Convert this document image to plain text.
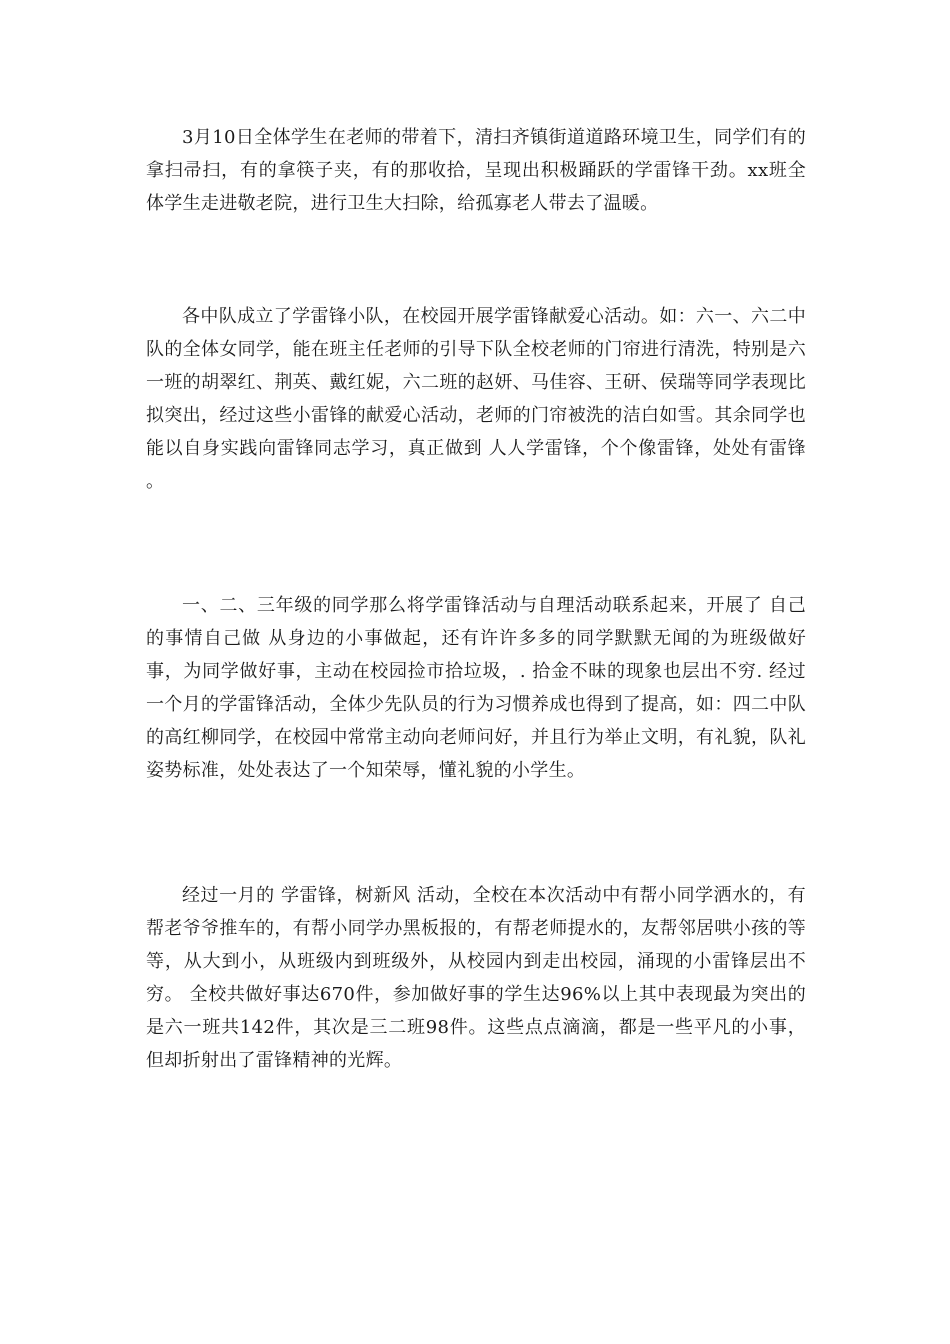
3月10日全体学生在老师的带着下，清扫齐镇街道道路环境卫生，同学们有的拿扫帚扫，有的拿筷子夹，有的那收拾，呈现出积极踊跃的学雷锋干劲。xx班全体学生走进敬老院，进行卫生大扫除，给孤寡老人带去了温暖。

各中队成立了学雷锋小队，在校园开展学雷锋献爱心活动。如：六一、六二中队的全体女同学，能在班主任老师的引导下队全校老师的门帘进行清洗，特别是六一班的胡翠红、荆英、戴红妮，六二班的赵妍、马佳容、王研、侯瑞等同学表现比拟突出，经过这些小雷锋的献爱心活动，老师的门帘被洗的洁白如雪。其余同学也能以自身实践向雷锋同志学习，真正做到 人人学雷锋，个个像雷锋，处处有雷锋 。

一、二、三年级的同学那么将学雷锋活动与自理活动联系起来，开展了 自己的事情自己做 从身边的小事做起，还有许许多多的同学默默无闻的为班级做好事，为同学做好事，主动在校园捡市拾垃圾，. 拾金不昧的现象也层出不穷. 经过一个月的学雷锋活动，全体少先队员的行为习惯养成也得到了提高，如：四二中队的高红柳同学，在校园中常常主动向老师问好，并且行为举止文明，有礼貌，队礼姿势标准，处处表达了一个知荣辱，懂礼貌的小学生。

经过一月的 学雷锋，树新风 活动，全校在本次活动中有帮小同学洒水的，有帮老爷爷推车的，有帮小同学办黑板报的，有帮老师提水的，友帮邻居哄小孩的等等，从大到小，从班级内到班级外，从校园内到走出校园，涌现的小雷锋层出不穷。 全校共做好事达670件，参加做好事的学生达96%以上其中表现最为突出的是六一班共142件，其次是三二班98件。这些点点滴滴，都是一些平凡的小事，但却折射出了雷锋精神的光辉。
